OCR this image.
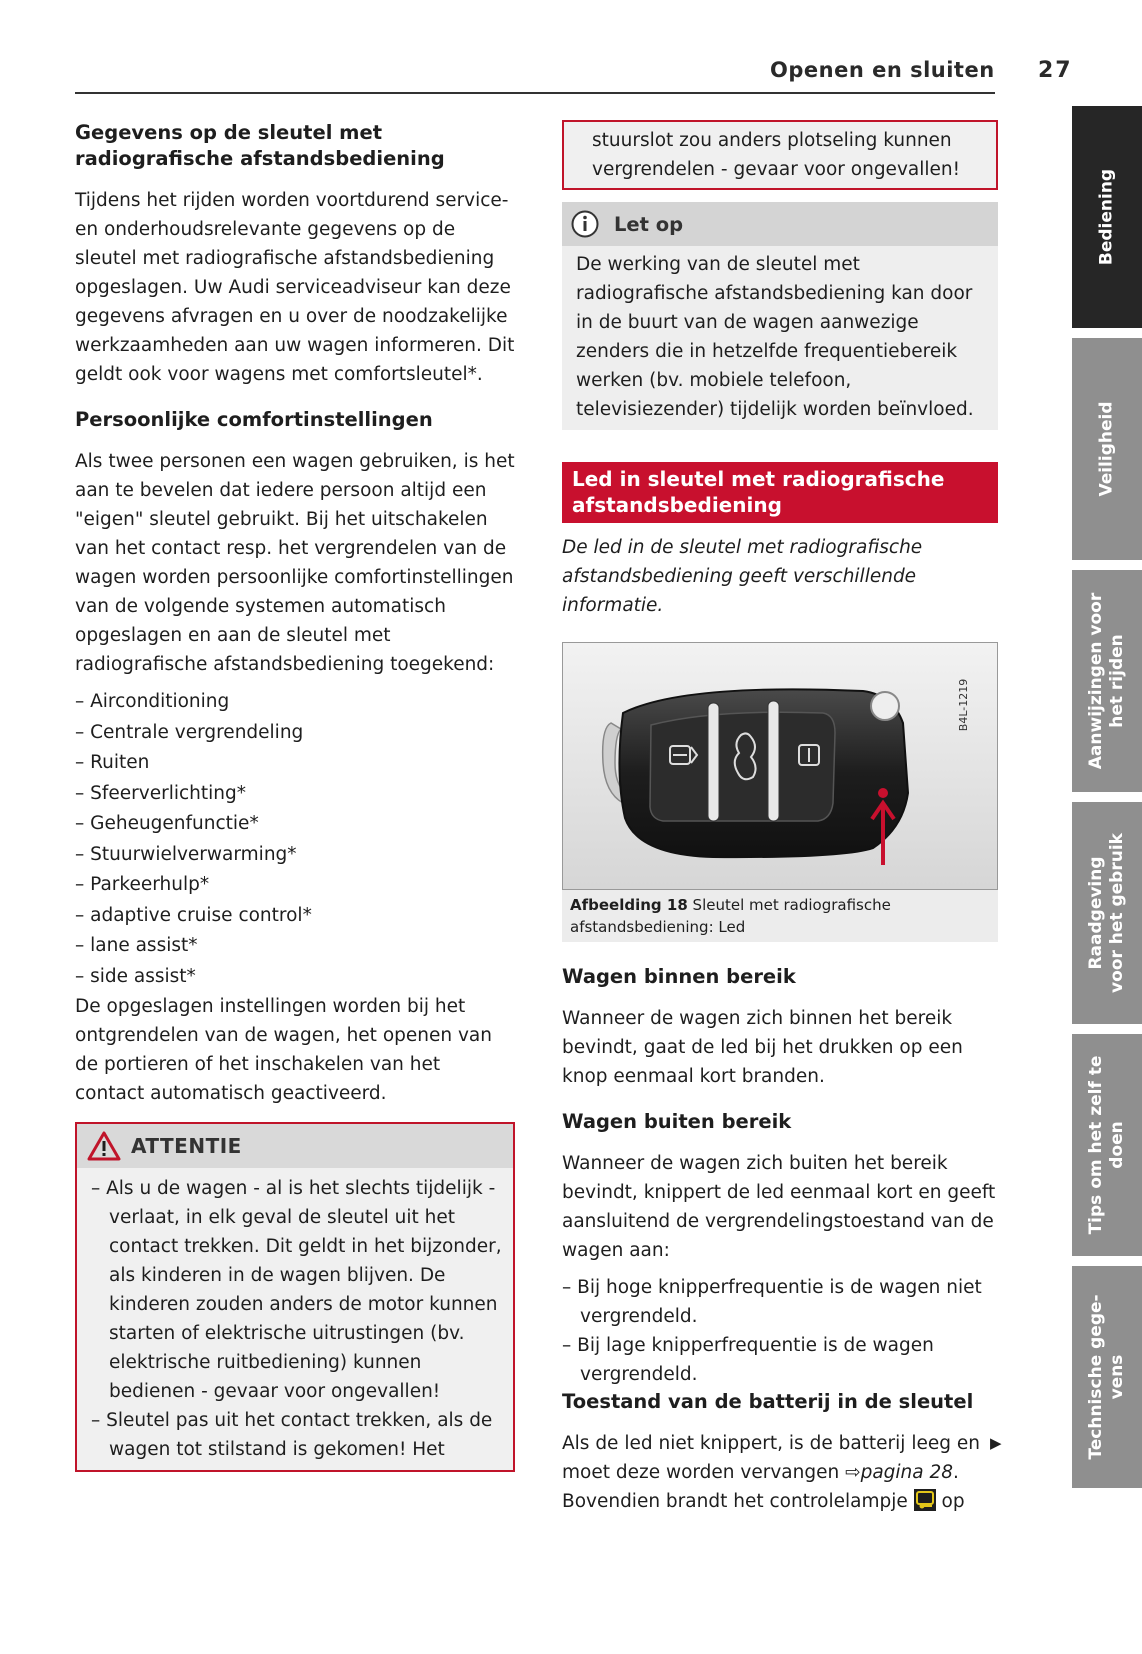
Openen en sluiten 27
Gegevens op de sleutel met radiografische afstandsbediening

Tijdens het rijden worden voortdurend service- en onderhoudsrelevante gegevens op de sleutel met radiografische afstandsbediening opgeslagen. Uw Audi serviceadviseur kan deze gegevens afvragen en u over de noodzakelijke werkzaamheden aan uw wagen informeren. Dit geldt ook voor wagens met comfortsleutel*.

Persoonlijke comfortinstellingen

Als twee personen een wagen gebruiken, is het aan te bevelen dat iedere persoon altijd een "eigen" sleutel gebruikt. Bij het uitschakelen van het contact resp. het vergrendelen van de wagen worden persoonlijke comfortinstellingen van de volgende systemen automatisch opgeslagen en aan de sleutel met radiografische afstandsbediening toegekend:

– Airconditioning
– Centrale vergrendeling
– Ruiten
– Sfeerverlichting*
– Geheugenfunctie*
– Stuurwielverwarming*
– Parkeerhulp*
– adaptive cruise control*
– lane assist*
– side assist*

De opgeslagen instellingen worden bij het ontgrendelen van de wagen, het openen van de portieren of het inschakelen van het contact automatisch geactiveerd.

ATTENTIE
– Als u de wagen - al is het slechts tijdelijk - verlaat, in elk geval de sleutel uit het contact trekken. Dit geldt in het bijzonder, als kinderen in de wagen blijven. De kinderen zouden anders de motor kunnen starten of elektrische uitrustingen (bv. elektrische ruitbediening) kunnen bedienen - gevaar voor ongevallen!
– Sleutel pas uit het contact trekken, als de wagen tot stilstand is gekomen! Het
stuurslot zou anders plotseling kunnen vergrendelen - gevaar voor ongevallen!
Let op
De werking van de sleutel met radiografische afstandsbediening kan door in de buurt van de wagen aanwezige zenders die in hetzelfde frequentiebereik werken (bv. mobiele telefoon, televisiezender) tijdelijk worden beïnvloed.
Led in sleutel met radiografische afstandsbediening

De led in de sleutel met radiografische afstandsbediening geeft verschillende informatie.

B4L-1219
Afbeelding 18 Sleutel met radiografische afstandsbediening: Led
Wagen binnen bereik

Wanneer de wagen zich binnen het bereik bevindt, gaat de led bij het drukken op een knop eenmaal kort branden.

Wagen buiten bereik

Wanneer de wagen zich buiten het bereik bevindt, knippert de led eenmaal kort en geeft aansluitend de vergrendelingstoestand van de wagen aan:

– Bij hoge knipperfrequentie is de wagen niet vergrendeld.
– Bij lage knipperfrequentie is de wagen vergrendeld.
Toestand van de batterij in de sleutel

Als de led niet knippert, is de batterij leeg en moet deze worden vervangen ⇨pagina 28. Bovendien brandt het controlelampje  op

▶
Bediening
Veiligheid
Aanwijzingen voor
het rijden
Raadgeving
voor het gebruik
Tips om het zelf te
doen
Technische gege-
vens
